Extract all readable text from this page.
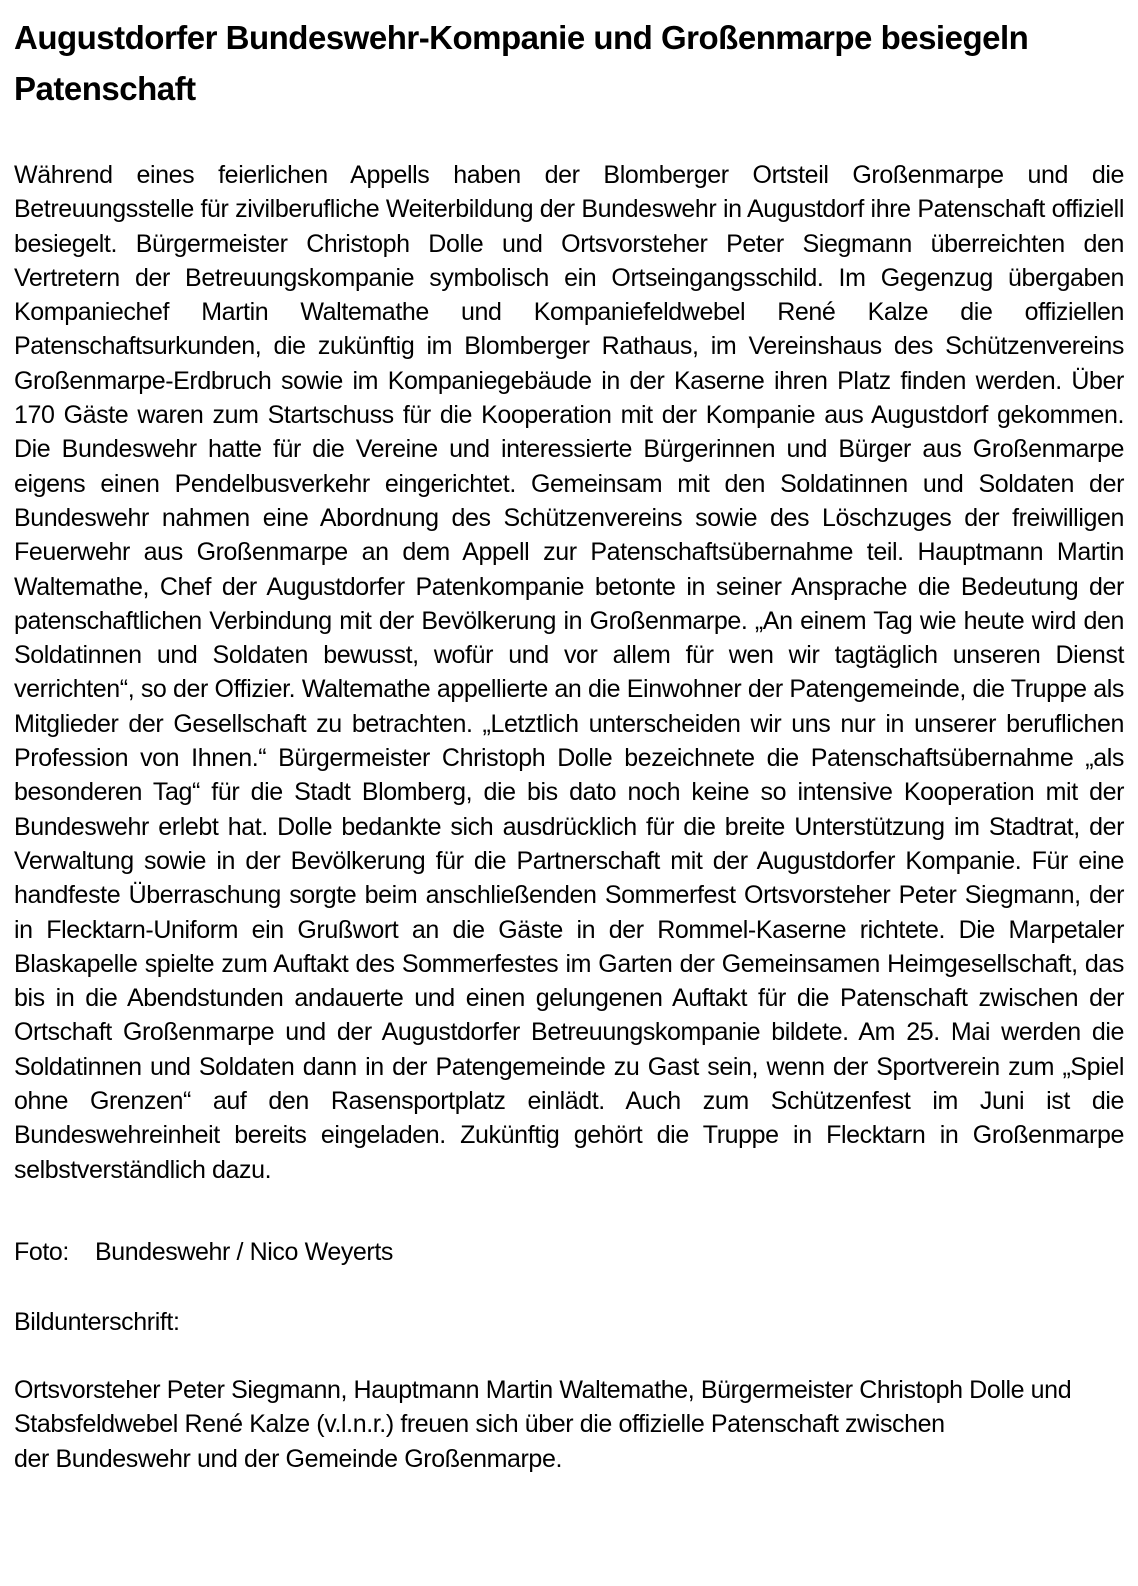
Augustdorfer Bundeswehr-Kompanie und Großenmarpe besiegeln Patenschaft

Während eines feierlichen Appells haben der Blomberger Ortsteil Großenmarpe und die Betreuungsstelle für zivilberufliche Weiterbildung der Bundeswehr in Augustdorf ihre Patenschaft offiziell besiegelt. Bürgermeister Christoph Dolle und Ortsvorsteher Peter Siegmann überreichten den Vertretern der Betreuungskompanie symbolisch ein Ortseingangsschild. Im Gegenzug übergaben Kompaniechef Martin Waltemathe und Kompaniefeldwebel René Kalze die offiziellen Patenschaftsurkunden, die zukünftig im Blomberger Rathaus, im Vereinshaus des Schützenvereins Großenmarpe-Erdbruch sowie im Kompaniegebäude in der Kaserne ihren Platz finden werden. Über 170 Gäste waren zum Startschuss für die Kooperation mit der Kompanie aus Augustdorf gekommen. Die Bundeswehr hatte für die Vereine und interessierte Bürgerinnen und Bürger aus Großenmarpe eigens einen Pendelbusverkehr eingerichtet. Gemeinsam mit den Soldatinnen und Soldaten der Bundeswehr nahmen eine Abordnung des Schützenvereins sowie des Löschzuges der freiwilligen Feuerwehr aus Großenmarpe an dem Appell zur Patenschaftsübernahme teil. Hauptmann Martin Waltemathe, Chef der Augustdorfer Patenkompanie betonte in seiner Ansprache die Bedeutung der patenschaftlichen Verbindung mit der Bevölkerung in Großenmarpe. „An einem Tag wie heute wird den Soldatinnen und Soldaten bewusst, wofür und vor allem für wen wir tagtäglich unseren Dienst verrichten“, so der Offizier. Waltemathe appellierte an die Einwohner der Patengemeinde, die Truppe als Mitglieder der Gesellschaft zu betrachten. „Letztlich unterscheiden wir uns nur in unserer beruflichen Profession von Ihnen.“ Bürgermeister Christoph Dolle bezeichnete die Patenschaftsübernahme „als besonderen Tag“ für die Stadt Blomberg, die bis dato noch keine so intensive Kooperation mit der Bundeswehr erlebt hat. Dolle bedankte sich ausdrücklich für die breite Unterstützung im Stadtrat, der Verwaltung sowie in der Bevölkerung für die Partnerschaft mit der Augustdorfer Kompanie. Für eine handfeste Überraschung sorgte beim anschließenden Sommerfest Ortsvorsteher Peter Siegmann, der in Flecktarn-Uniform ein Grußwort an die Gäste in der Rommel-Kaserne richtete. Die Marpetaler Blaskapelle spielte zum Auftakt des Sommerfestes im Garten der Gemeinsamen Heimgesellschaft, das bis in die Abendstunden andauerte und einen gelungenen Auftakt für die Patenschaft zwischen der Ortschaft Großenmarpe und der Augustdorfer Betreuungskompanie bildete. Am 25. Mai werden die Soldatinnen und Soldaten dann in der Patengemeinde zu Gast sein, wenn der Sportverein zum „Spiel ohne Grenzen“ auf den Rasensportplatz einlädt. Auch zum Schützenfest im Juni ist die Bundeswehreinheit bereits eingeladen. Zukünftig gehört die Truppe in Flecktarn in Großenmarpe selbstverständlich dazu.

Foto: Bundeswehr / Nico Weyerts

Bildunterschrift:

Ortsvorsteher Peter Siegmann, Hauptmann Martin Waltemathe, Bürgermeister Christoph Dolle und
Stabsfeldwebel René Kalze (v.l.n.r.) freuen sich über die offizielle Patenschaft zwischen
der Bundeswehr und der Gemeinde Großenmarpe.
